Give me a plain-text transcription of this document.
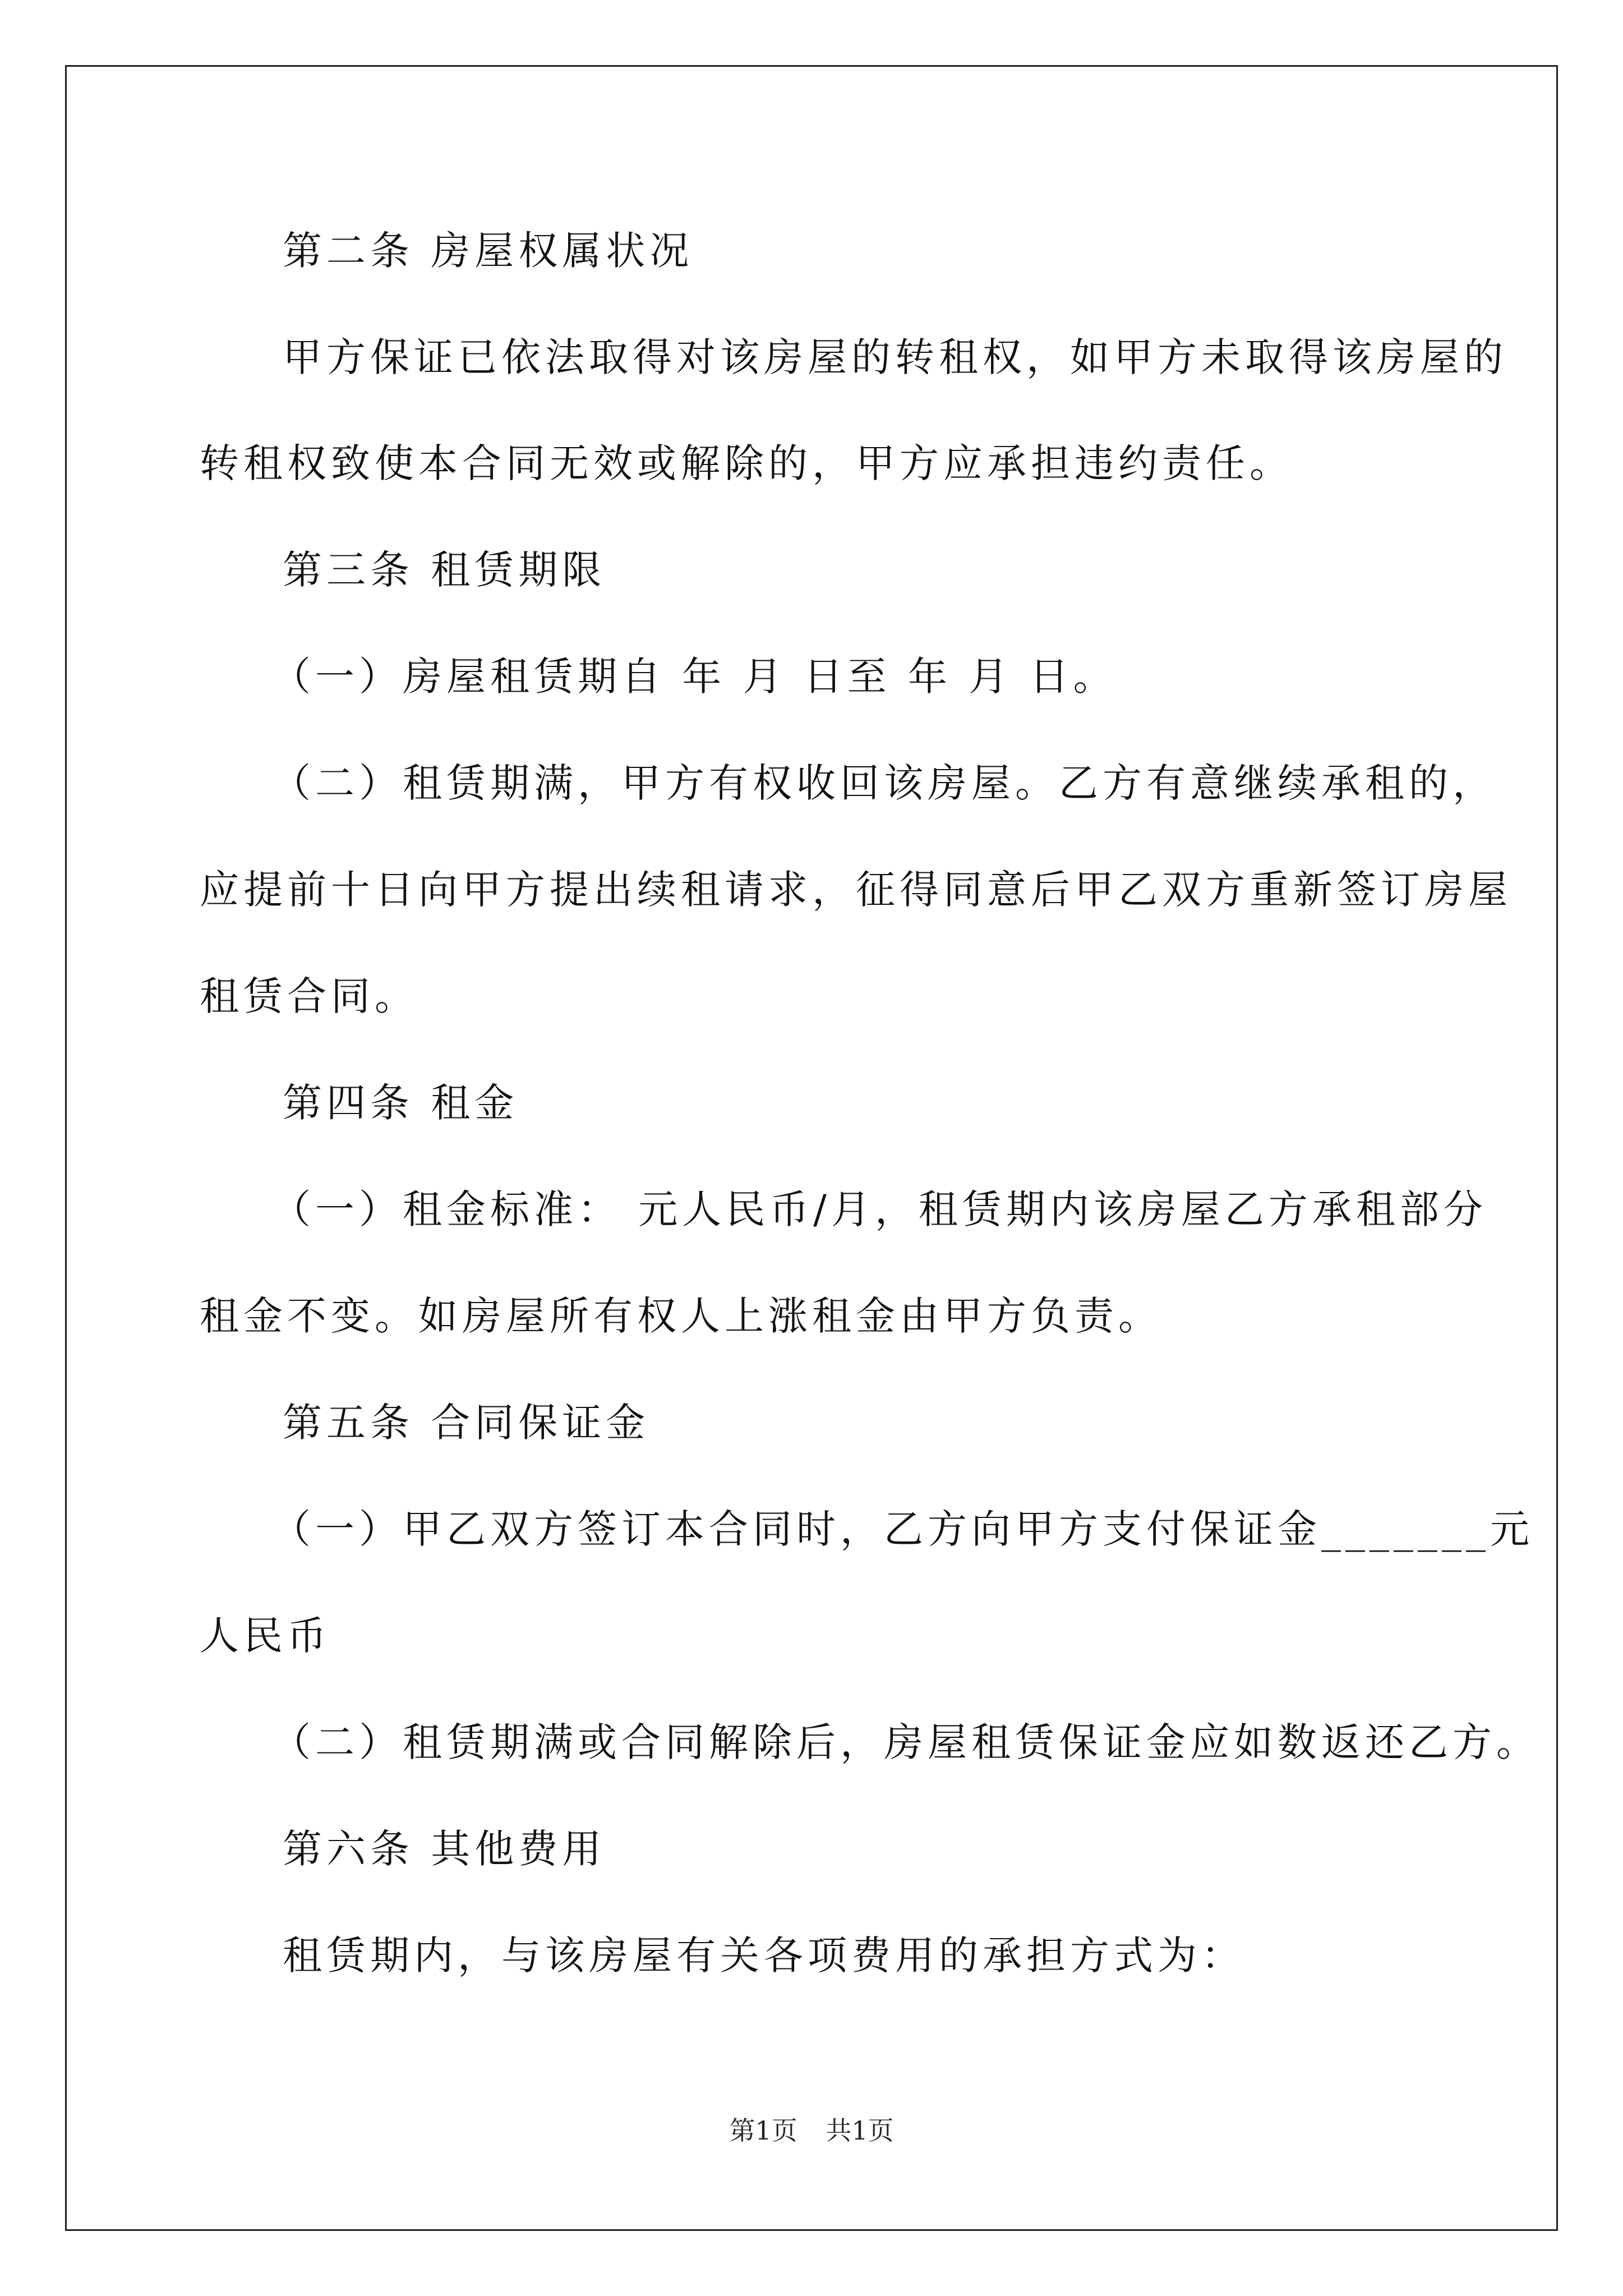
第二条 房屋权属状况
甲方保证已依法取得对该房屋的转租权，如甲方未取得该房屋的
转租权致使本合同无效或解除的，甲方应承担违约责任。
第三条 租赁期限
（一）房屋租赁期自 年 月 日至 年 月 日。
（二）租赁期满，甲方有权收回该房屋。乙方有意继续承租的，
应提前十日向甲方提出续租请求，征得同意后甲乙双方重新签订房屋
租赁合同。
第四条 租金
（一）租金标准： 元人民币/月，租赁期内该房屋乙方承租部分
租金不变。如房屋所有权人上涨租金由甲方负责。
第五条 合同保证金
（一）甲乙双方签订本合同时，乙方向甲方支付保证金_______元
人民币
（二）租赁期满或合同解除后，房屋租赁保证金应如数返还乙方。
第六条 其他费用
租赁期内，与该房屋有关各项费用的承担方式为：
第1页 共1页
